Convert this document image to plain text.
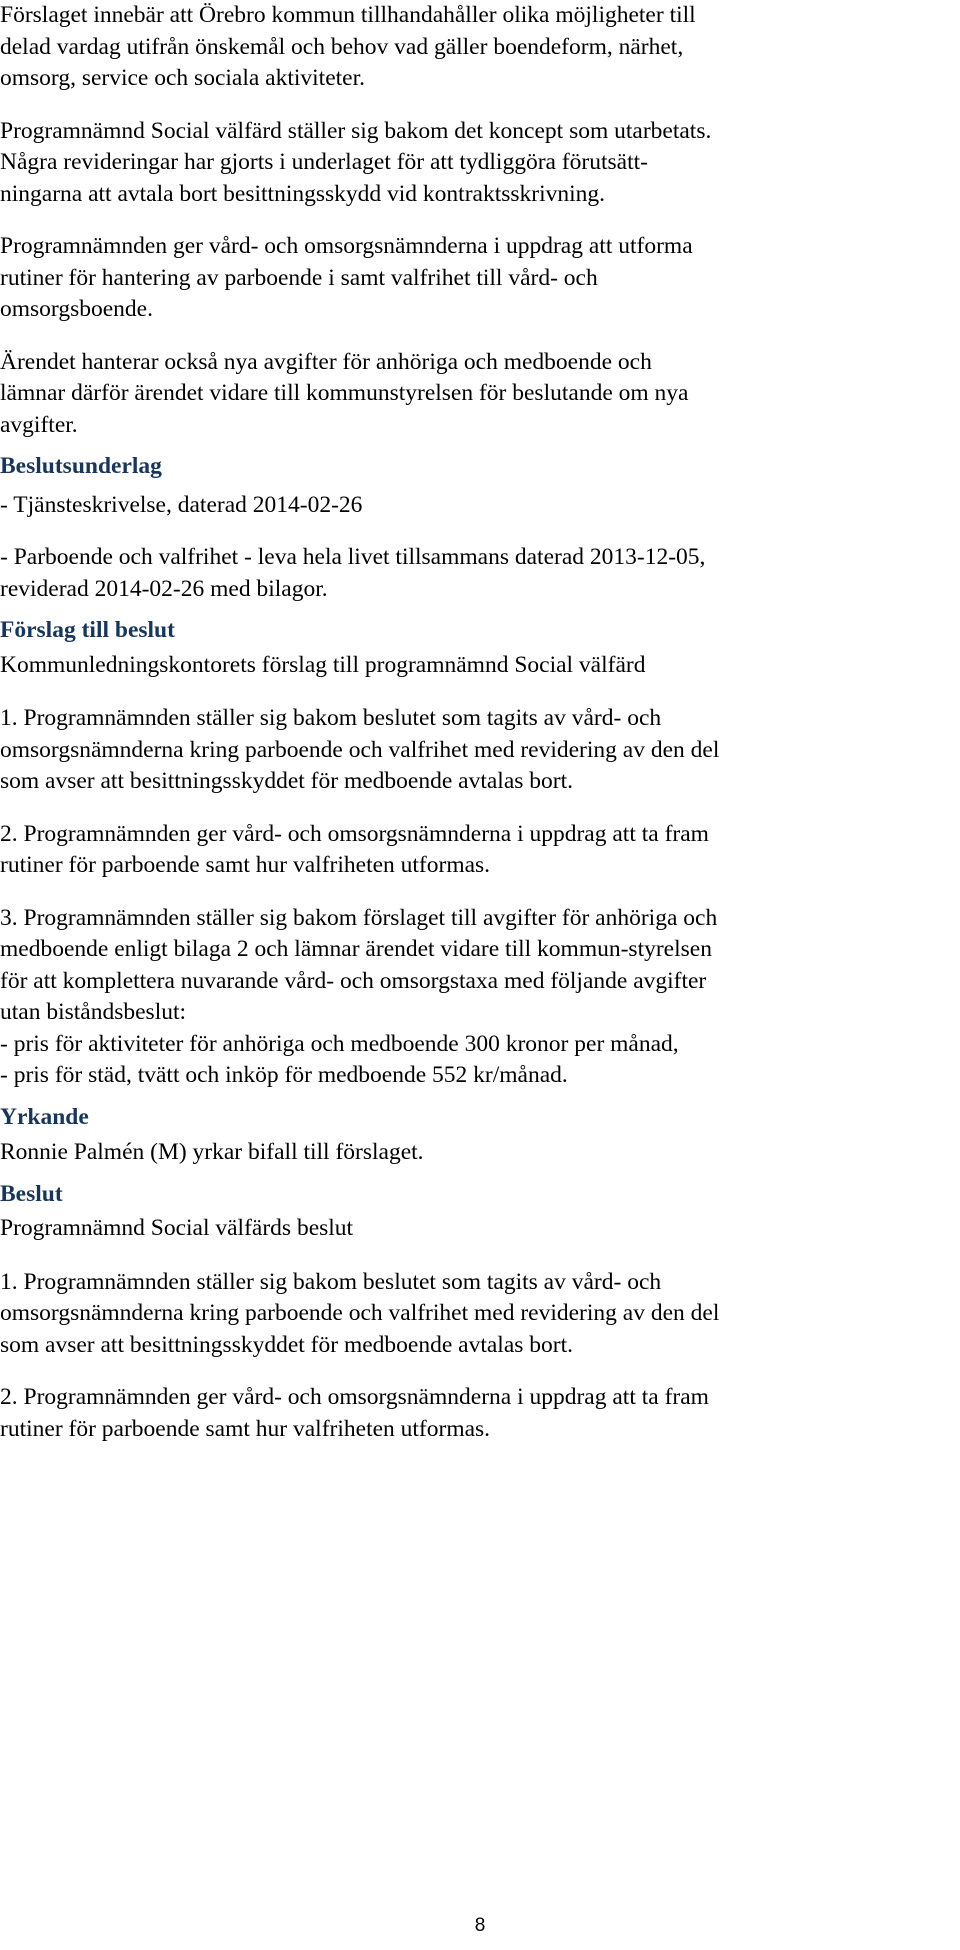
Förslaget innebär att Örebro kommun tillhandahåller olika möjligheter till
delad vardag utifrån önskemål och behov vad gäller boendeform, närhet,
omsorg, service och sociala aktiviteter.

Programnämnd Social välfärd ställer sig bakom det koncept som utarbetats.

Några revideringar har gjorts i underlaget för att tydliggöra förutsätt-
ningarna att avtala bort besittningsskydd vid kontraktsskrivning.

Programnämnden ger vård- och omsorgsnämnderna i uppdrag att utforma
rutiner för hantering av parboende i samt valfrihet till vård- och
omsorgsboende.

Ärendet hanterar också nya avgifter för anhöriga och medboende och
lämnar därför ärendet vidare till kommunstyrelsen för beslutande om nya
avgifter.

Beslutsunderlag

- Tjänsteskrivelse, daterad 2014-02-26

- Parboende och valfrihet - leva hela livet tillsammans daterad 2013-12-05,
reviderad 2014-02-26 med bilagor.

Förslag till beslut

Kommunledningskontorets förslag till programnämnd Social välfärd

1. Programnämnden ställer sig bakom beslutet som tagits av vård- och
omsorgsnämnderna kring parboende och valfrihet med revidering av den del
som avser att besittningsskyddet för medboende avtalas bort.

2. Programnämnden ger vård- och omsorgsnämnderna i uppdrag att ta fram
rutiner för parboende samt hur valfriheten utformas.

3. Programnämnden ställer sig bakom förslaget till avgifter för anhöriga och
medboende enligt bilaga 2 och lämnar ärendet vidare till kommun-styrelsen
för att komplettera nuvarande vård- och omsorgstaxa med följande avgifter
utan biståndsbeslut:
- pris för aktiviteter för anhöriga och medboende 300 kronor per månad,
- pris för städ, tvätt och inköp för medboende 552 kr/månad.

Yrkande

Ronnie Palmén (M) yrkar bifall till förslaget.

Beslut

Programnämnd Social välfärds beslut

1. Programnämnden ställer sig bakom beslutet som tagits av vård- och
omsorgsnämnderna kring parboende och valfrihet med revidering av den del
som avser att besittningsskyddet för medboende avtalas bort.

2. Programnämnden ger vård- och omsorgsnämnderna i uppdrag att ta fram
rutiner för parboende samt hur valfriheten utformas.

8
